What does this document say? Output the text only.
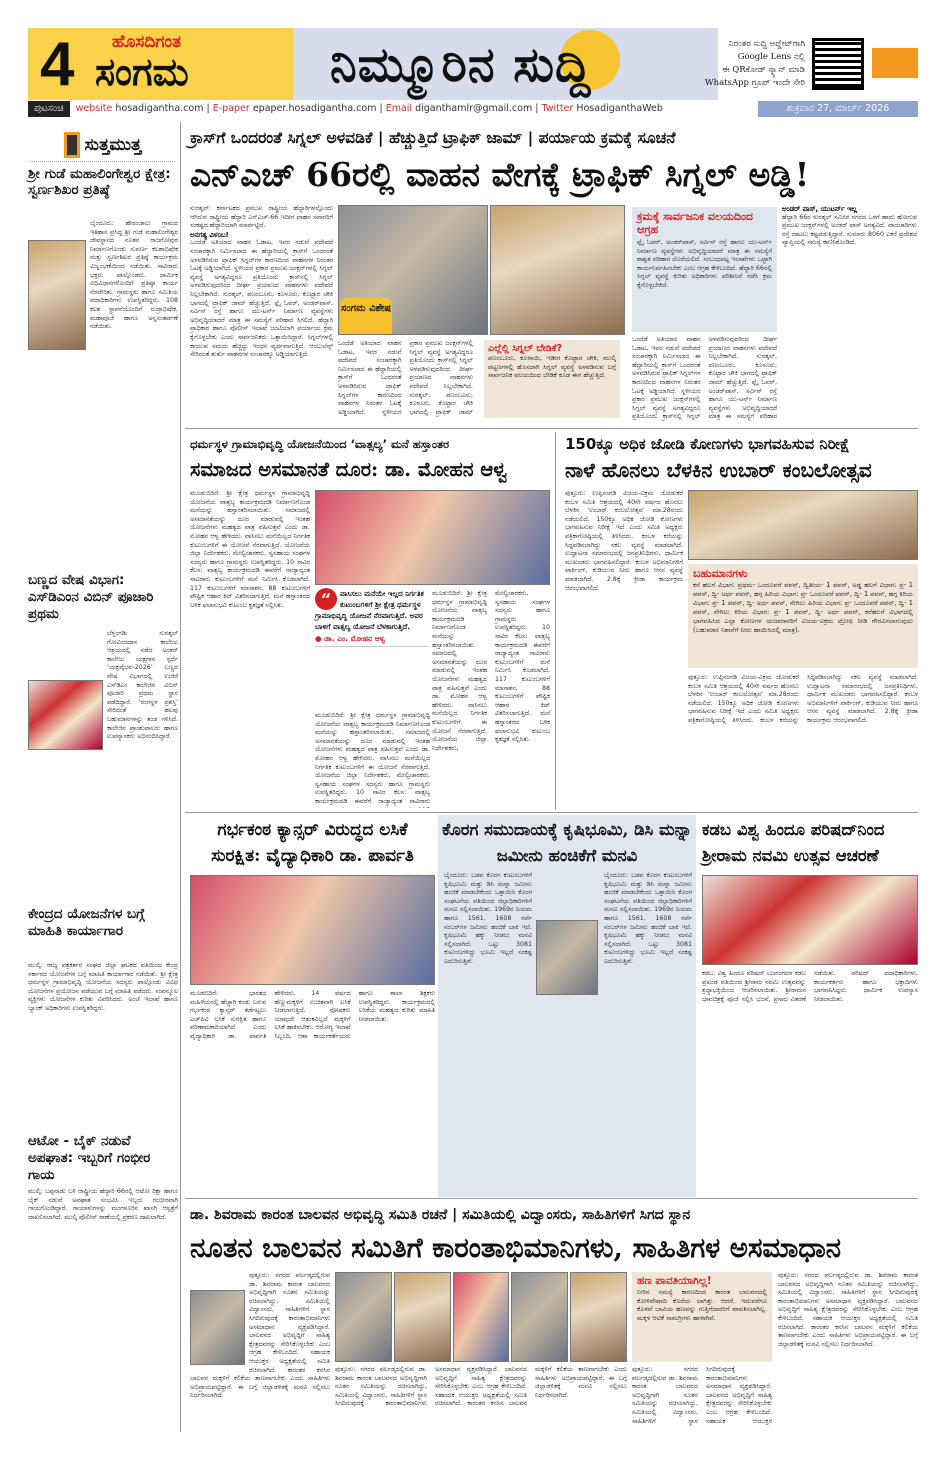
4 ಹೊಸದಿಗಂತ
ಸಂಗಮ	ನಿಮ್ಮೂರಿನ ಸುದ್ದಿ	ನಿರಂತರ ಸುದ್ದಿ ಅಪ್ಡೇಟ್‌ಗಾಗಿ
Google Lens ನಲ್ಲಿ
ಈ QRಕೋಡ್ ಸ್ಕ್ಯಾನ್ ಮಾಡಿ
WhatsApp ಗ್ರೂಪ್ ಇಂದೇ ಸೇರಿ
ಪುಟಸಂಚಿ	website hosadigantha.com | E-paper epaper.hosadigantha.com | Email diganthamlr@gmail.com | Twitter HosadiganthaWeb	ಶುಕ್ರವಾರ 27, ಮಾರ್ಚ್ 2026
ಸುತ್ತಮುತ್ತ
ಶ್ರೀ ಗುಡೆ ಮಹಾಲಿಂಗೇಶ್ವರ ಕ್ಷೇತ್ರ: ಸ್ವರ್ಣಶಿಖರ ಪ್ರತಿಷ್ಠೆ
ಬೈಂದೂರು: ಹೇರಂಜಾಲು ಗ್ರಾಮದ ಇತಿಹಾಸ ಪ್ರಸಿದ್ಧ ಶ್ರೀ ಗುಡೆ ಮಹಾಲಿಂಗೇಶ್ವರ ದೇವಸ್ಥಾನದ ನೂತನ ರಾಜಗೋಪುರ ನಿರ್ಮಾಣಗೊಂಡು ಸುವರ್ಣ ಕಲಶಾಭಿಷೇಕ ಮತ್ತು ಸ್ವರ್ಣಶಿಖರ ಪ್ರತಿಷ್ಠೆ ಕಾರ್ಯಕ್ರಮ ವಿಜೃಂಭಣೆಯಿಂದ ನಡೆಯಿತು. ಸಾವಿರಾರು ಭಕ್ತರು ಪಾಲ್ಗೊಂಡರು. ಧಾರ್ಮಿಕ ವಿಧಿವಿಧಾನಗಳೊಂದಿಗೆ ಪ್ರತಿಷ್ಠಾ ಕಾರ್ಯ ನೆರವೇರಿತು. ಗ್ರಾಮಸ್ಥರು ಹಾಗೂ ಸಮಿತಿಯ ಪದಾಧಿಕಾರಿಗಳು ಉಪಸ್ಥಿತರಿದ್ದರು. 108 ಕಲಶ ಸ್ಥಾಪನೆಯೊಂದಿಗೆ ರುದ್ರಾಭಿಷೇಕ, ಮಹಾಪೂಜೆ ಹಾಗೂ ಅನ್ನಸಂತರ್ಪಣೆ ನಡೆಯಿತು.
ಬಣ್ಣದ ವೇಷ ವಿಭಾಗ: ಎಸ್‌ಡಿಎಂನ ವಿಬಿನ್ ಪೂಜಾರಿ ಪ್ರಥಮ
ಬೆಳ್ತಂಗಡಿ: ಸುರತ್ಕಲ್ ಗೋವಿಂದದಾಸ ಕಾಲೇಜು ಆಶ್ರಯದಲ್ಲಿ ನಡೆದ ಅಂತರ್ ಕಾಲೇಜು ಯಕ್ಷಗಾನ ಸ್ಪರ್ಧೆ ‘ಯಕ್ಷವೈಭವ-2026’ ಬಣ್ಣದ ವೇಷ ವಿಭಾಗದಲ್ಲಿ ಉಜಿರೆ ಎಸ್‌ಡಿಎಂ ಕಾಲೇಜಿನ ವಿಬಿನ್ ಪೂಜಾರಿ ಪ್ರಥಮ ಸ್ಥಾನ ಪಡೆದಿದ್ದಾರೆ. ‘ರಂಗಸ್ಥಳ ಪ್ರಶಸ್ತಿ’ ಸೇರಿದಂತೆ ಹಲವು ಬಹುಮಾನಗಳನ್ನು ತಂಡ ಗಳಿಸಿದೆ. ಕಾಲೇಜಿನ ಪ್ರಾಂಶುಪಾಲರು ಹಾಗೂ ಉಪನ್ಯಾಸಕರು ಅಭಿನಂದಿಸಿದ್ದಾರೆ.
ಕೇಂದ್ರದ ಯೋಜನೆಗಳ ಬಗ್ಗೆ ಮಾಹಿತಿ ಕಾರ್ಯಾಗಾರ
ಮುಲ್ಕಿ: ರಾಜ್ಯ ಪತ್ರಕರ್ತರ ಸಂಘದ ಜಿಲ್ಲಾ ಘಟಕದ ವತಿಯಿಂದ ಕೇಂದ್ರ ಸರ್ಕಾರದ ಯೋಜನೆಗಳ ಬಗ್ಗೆ ಮಾಹಿತಿ ಕಾರ್ಯಾಗಾರ ನಡೆಯಿತು. ಶ್ರೀ ಕ್ಷೇತ್ರ ಧರ್ಮಸ್ಥಳ ಗ್ರಾಮಾಭಿವೃದ್ಧಿ ಯೋಜನೆಯ ಸದಸ್ಯರು ಪಾಲ್ಗೊಂಡು ವಿವಿಧ ಯೋಜನೆಗಳ ಪ್ರಯೋಜನ ಪಡೆಯುವ ಬಗ್ಗೆ ಮಾಹಿತಿ ಪಡೆದರು. ಸಂಪನ್ಮೂಲ ವ್ಯಕ್ತಿಗಳು ಯೋಜನೆಗಳ ಕುರಿತು ವಿವರಿಸಿದರು. ಅಂಚೆ ಇಲಾಖೆ ಹಾಗೂ ಬ್ಯಾಂಕ್ ಅಧಿಕಾರಿಗಳು ಉಪಸ್ಥಿತರಿದ್ದರು.
ಆಟೋ - ಬೈಕ್ ನಡುವೆ ಅಪಘಾತ: ಇಬ್ಬರಿಗೆ ಗಂಭೀರ ಗಾಯ
ಮುಲ್ಕಿ: ಬಪ್ಪನಾಡು ಬಳಿ ರಾಷ್ಟ್ರೀಯ ಹೆದ್ದಾರಿ 66ರಲ್ಲಿ ಆಟೋ ರಿಕ್ಷಾ ಹಾಗೂ ಬೈಕ್ ನಡುವೆ ಅಪಘಾತ ಸಂಭವಿಸಿ ಇಬ್ಬರು ಗಂಭೀರವಾಗಿ ಗಾಯಗೊಂಡಿದ್ದಾರೆ. ಗಾಯಾಳುಗಳನ್ನು ಮಂಗಳೂರಿನ ಖಾಸಗಿ ಆಸ್ಪತ್ರೆಗೆ ದಾಖಲಿಸಲಾಗಿದೆ. ಮುಲ್ಕಿ ಪೊಲೀಸ್ ಠಾಣೆಯಲ್ಲಿ ಪ್ರಕರಣ ದಾಖಲಾಗಿದೆ.
ಕ್ರಾಸ್‌ಗೆ ಒಂದರಂತೆ ಸಿಗ್ನಲ್ ಅಳವಡಿಕೆ | ಹೆಚ್ಚುತ್ತಿದೆ ಟ್ರಾಫಿಕ್ ಜಾಮ್ | ಪರ್ಯಾಯ ಕ್ರಮಕ್ಕೆ ಸೂಚನೆ
ಎನ್‌ಎಚ್ 66ರಲ್ಲಿ ವಾಹನ ವೇಗಕ್ಕೆ ಟ್ರಾಫಿಕ್ ಸಿಗ್ನಲ್ ಅಡ್ಡಿ!
ಸುರತ್ಕಲ್: ಕರ್ನಾಟಕದ ಪ್ರಮುಖ ರಾಷ್ಟ್ರೀಯ ಹೆದ್ದಾರಿಗಳಲ್ಲೊಂದು ಆಗಿರುವ ರಾಷ್ಟ್ರೀಯ ಹೆದ್ದಾರಿ ಎನ್‌ಎಚ್-66 ಇದೀಗ ವಾಹನ ಸವಾರರಿಗೆ ಸಂಕಷ್ಟದ ಹೆದ್ದಾರಿಯಾಗಿ ಮಾರ್ಪಟ್ಟಿದೆ.
ಅನಗತ್ಯ ವಿಳಂಬ!
ಒಂದೆಡೆ ಅತಿಯಾದ ವಾಹನ ಓಡಾಟ, ಇವರ ನಡುವೆ ಪದೇಪದೆ ಸಂಚಾರಕ್ಕಾಗಿ ನಿರ್ಮಿಸಲಾದ ಈ ಹೆದ್ದಾರಿಯಲ್ಲಿ ಕ್ರಾಸ್‌ಗೆ ಒಂದರಂತೆ ಅಳವಡಿಸಿರುವ ಟ್ರಾಫಿಕ್ ಸಿಗ್ನಲ್‌ಗಳ ಕಾರಣದಿಂದ ವಾಹನಗಳ ನಿರಂತರ ಓಟಕ್ಕೆ ಅಡ್ಡಿಯಾಗಿದೆ. ಸ್ಥಳೀಯರ ಪ್ರಕಾರ ಪ್ರಮುಖ ಜಂಕ್ಷನ್‌ಗಳಲ್ಲಿ ಸಿಗ್ನಲ್ ವ್ಯವಸ್ಥೆ ಅಗತ್ಯವಿದ್ದರೂ ಪ್ರತಿಯೊಂದು ಕ್ರಾಸ್‌ನಲ್ಲಿ ಸಿಗ್ನಲ್ ಅಳವಡಿಸುವುದರಿಂದ ದೀರ್ಘ ಪ್ರಯಾಣದ ವಾಹನಗಳು ಪದೇಪದೆ ನಿಲ್ಲಬೇಕಾಗಿದೆ. ಸುರತ್ಕಲ್, ಪಣಂಬೂರು, ಕೂಳೂರು, ಕೊಟ್ಟಾರ ಚೌಕಿ ಭಾಗದಲ್ಲಿ ಟ್ರಾಫಿಕ್ ಜಾಮ್ ಹೆಚ್ಚುತ್ತಿದೆ. ಫ್ಲೈ ಓವರ್, ಅಂಡರ್‌ಪಾಸ್, ಸರ್ವಿಸ್ ರಸ್ತೆ ಹಾಗೂ ಯು-ಟರ್ನ್ ನಿರ್ಮಾಣ ವ್ಯವಸ್ಥೆಗಳು ಅಭಿವೃದ್ಧಿಯಾದರೆ ಮಾತ್ರ ಈ ಸಮಸ್ಯೆಗೆ ಪರಿಹಾರ ಸಿಗಲಿದೆ. ಹೆದ್ದಾರಿ ಪ್ರಾಧಿಕಾರ ಹಾಗೂ ಪೊಲೀಸ್ ಇಲಾಖೆ ಜಂಟಿಯಾಗಿ ಪರ್ಯಾಯ ಕ್ರಮ ಕೈಗೊಳ್ಳಬೇಕು ಎಂದು ಸಾರ್ವಜನಿಕರು ಒತ್ತಾಯಿಸಿದ್ದಾರೆ. ಸಿಗ್ನಲ್‌ಗಳಲ್ಲಿ ಕಾಯುವ ಸಮಯ ಹೆಚ್ಚಿದ್ದು ಇಂಧನ ವ್ಯರ್ಥವಾಗುತ್ತಿದೆ. ಆಂಬುಲೆನ್ಸ್ ಸೇರಿದಂತೆ ತುರ್ತು ವಾಹನಗಳ ಸಂಚಾರಕ್ಕೂ ಅಡ್ಡಿಯಾಗುತ್ತಿದೆ.
ಸಂಗಮ ವಿಶೇಷ
ಒಂದೆಡೆ ಅತಿಯಾದ ವಾಹನ ಓಡಾಟ, ಇವರ ನಡುವೆ ಪದೇಪದೆ ಸಂಚಾರಕ್ಕಾಗಿ ನಿರ್ಮಿಸಲಾದ ಈ ಹೆದ್ದಾರಿಯಲ್ಲಿ ಕ್ರಾಸ್‌ಗೆ ಒಂದರಂತೆ ಅಳವಡಿಸಿರುವ ಟ್ರಾಫಿಕ್ ಸಿಗ್ನಲ್‌ಗಳ ಕಾರಣದಿಂದ ವಾಹನಗಳ ನಿರಂತರ ಓಟಕ್ಕೆ ಅಡ್ಡಿಯಾಗಿದೆ. ಸ್ಥಳೀಯರ ಪ್ರಕಾರ ಪ್ರಮುಖ ಜಂಕ್ಷನ್‌ಗಳಲ್ಲಿ ಸಿಗ್ನಲ್ ವ್ಯವಸ್ಥೆ ಅಗತ್ಯವಿದ್ದರೂ ಪ್ರತಿಯೊಂದು ಕ್ರಾಸ್‌ನಲ್ಲಿ ಸಿಗ್ನಲ್ ಅಳವಡಿಸುವುದರಿಂದ ದೀರ್ಘ ಪ್ರಯಾಣದ ವಾಹನಗಳು ಪದೇಪದೆ ನಿಲ್ಲಬೇಕಾಗಿದೆ. ಸುರತ್ಕಲ್, ಪಣಂಬೂರು, ಕೂಳೂರು, ಕೊಟ್ಟಾರ ಚೌಕಿ ಭಾಗದಲ್ಲಿ ಟ್ರಾಫಿಕ್ ಜಾಮ್
ಎಲ್ಲೆಲ್ಲಿ ಸಿಗ್ನಲ್ ಬೇಡಿಕೆ?
ಪಣಂಬೂರು, ಕೂಳಾಯಿ, ಇಡೀಗ ಕೊಟ್ಟಾರ ಚೌಕಿ, ಮುಲ್ಕಿ ಪಟ್ಟಣಗಳಲ್ಲಿ ಹೊಸದಾಗಿ ಸಿಗ್ನಲ್ ವ್ಯವಸ್ಥೆ ಅಳವಡಿಸುವ ಬಗ್ಗೆ ಸಾರ್ವಜನಿಕ ವಲಯದಿಂದ ಬೇಡಿಕೆ ಕೂಡ ಈಗ ಹೆಚ್ಚುತ್ತಿದೆ.
ಕ್ರಮಕ್ಕೆ ಸಾರ್ವಜನಿಕ ವಲಯದಿಂದ ಆಗ್ರಹ
ಫ್ಲೈ ಓವರ್, ಅಂಡರ್‌ಪಾಸ್, ಸರ್ವಿಸ್ ರಸ್ತೆ ಹಾಗೂ ಯು-ಟರ್ನ್ ನಿರ್ಮಾಣ ವ್ಯವಸ್ಥೆಗಳು ಅಭಿವೃದ್ಧಿಯಾದರೆ ಮಾತ್ರ ಈ ಸಮಸ್ಯೆಗೆ ಶಾಶ್ವತ ಪರಿಹಾರ ದೊರೆಯಲಿದೆ. ಸಂಬಂಧಪಟ್ಟ ಇಲಾಖೆಗಳು ಒಟ್ಟಾಗಿ ಕಾರ್ಯನಿರ್ವಹಿಸಬೇಕು ಎಂಬ ಆಗ್ರಹ ಕೇಳಿಬಂದಿದೆ. ಹೆದ್ದಾರಿ 66ರಲ್ಲಿ ಸಿಗ್ನಲ್ ವ್ಯವಸ್ಥೆ ಕುರಿತು ಅಧಿಕಾರಿಗಳು ಪರಿಶೀಲನೆ ನಡೆಸಿ ಕ್ರಮ ಕೈಗೊಳ್ಳಬೇಕಿದೆ.
ಒಂದೆಡೆ ಅತಿಯಾದ ವಾಹನ ಓಡಾಟ, ಇವರ ನಡುವೆ ಪದೇಪದೆ ಸಂಚಾರಕ್ಕಾಗಿ ನಿರ್ಮಿಸಲಾದ ಈ ಹೆದ್ದಾರಿಯಲ್ಲಿ ಕ್ರಾಸ್‌ಗೆ ಒಂದರಂತೆ ಅಳವಡಿಸಿರುವ ಟ್ರಾಫಿಕ್ ಸಿಗ್ನಲ್‌ಗಳ ಕಾರಣದಿಂದ ವಾಹನಗಳ ನಿರಂತರ ಓಟಕ್ಕೆ ಅಡ್ಡಿಯಾಗಿದೆ. ಸ್ಥಳೀಯರ ಪ್ರಕಾರ ಪ್ರಮುಖ ಜಂಕ್ಷನ್‌ಗಳಲ್ಲಿ ಸಿಗ್ನಲ್ ವ್ಯವಸ್ಥೆ ಅಗತ್ಯವಿದ್ದರೂ ಪ್ರತಿಯೊಂದು ಕ್ರಾಸ್‌ನಲ್ಲಿ ಸಿಗ್ನಲ್ ಅಳವಡಿಸುವುದರಿಂದ ದೀರ್ಘ ಪ್ರಯಾಣದ ವಾಹನಗಳು ಪದೇಪದೆ ನಿಲ್ಲಬೇಕಾಗಿದೆ. ಸುರತ್ಕಲ್, ಪಣಂಬೂರು, ಕೂಳೂರು, ಕೊಟ್ಟಾರ ಚೌಕಿ ಭಾಗದಲ್ಲಿ ಟ್ರಾಫಿಕ್ ಜಾಮ್ ಹೆಚ್ಚುತ್ತಿದೆ. ಫ್ಲೈ ಓವರ್, ಅಂಡರ್‌ಪಾಸ್, ಸರ್ವಿಸ್ ರಸ್ತೆ ಹಾಗೂ ಯು-ಟರ್ನ್ ನಿರ್ಮಾಣ ವ್ಯವಸ್ಥೆಗಳು ಅಭಿವೃದ್ಧಿಯಾದರೆ ಮಾತ್ರ ಈ ಸಮಸ್ಯೆಗೆ ಪರಿಹಾರ
ಅಂಡರ್ ಪಾಸ್, ಯುಟರ್ನ್ ಇಲ್ಲ
ಹೆದ್ದಾರಿ 66ರ ಸುರತ್ಕಲ್ ಸಮೀಪ ನಗರದ ಒಳಗೆ ಹಾದು ಹೋಗುವ ಪ್ರಮುಖ ಜಂಕ್ಷನ್‌ಗಳಲ್ಲಿ ಅಂಡರ್ ಪಾಸ್ ಅಗತ್ಯವಿದೆ. ಪಾದಚಾರಿಗಳು ರಸ್ತೆ ದಾಟಲು ಕಷ್ಟಪಡುತ್ತಿದ್ದಾರೆ. ಸುಮಾರು 8060 ಎಕರೆ ಪ್ರದೇಶದ ವ್ಯಾಪ್ತಿಯಲ್ಲಿ ಸಮಸ್ಯೆ ಕಾಣಿಸಿಕೊಂಡಿದೆ.
ಧರ್ಮಸ್ಥಳ ಗ್ರಾಮಾಭಿವೃದ್ಧಿ ಯೋಜನೆಯಿಂದ ‘ವಾತ್ಸಲ್ಯ’ ಮನೆ ಹಸ್ತಾಂತರ
ಸಮಾಜದ ಅಸಮಾನತೆ ದೂರ: ಡಾ. ಮೋಹನ ಆಳ್ವ
ಮೂಡುಬಿದಿರೆ: ಶ್ರೀ ಕ್ಷೇತ್ರ ಧರ್ಮಸ್ಥಳ ಗ್ರಾಮಾಭಿವೃದ್ಧಿ ಯೋಜನೆಯ ವಾತ್ಸಲ್ಯ ಕಾರ್ಯಕ್ರಮದಡಿ ನಿರ್ಮಾಣಗೊಂಡ ಮನೆಯನ್ನು ಹಸ್ತಾಂತರಿಸಲಾಯಿತು. ಸಮಾಜದಲ್ಲಿ ಅಸಮಾನತೆಯನ್ನು ದೂರ ಮಾಡುವಲ್ಲಿ ಇಂತಹ ಯೋಜನೆಗಳು ಮಹತ್ವದ ಪಾತ್ರ ವಹಿಸುತ್ತವೆ ಎಂದು ಡಾ. ಮೋಹನ ಆಳ್ವ ಹೇಳಿದರು. ವಾಸಿಸಲು ಮನೆಯಿಲ್ಲದ ನಿರ್ಗತಿಕ ಕುಟುಂಬಗಳಿಗೆ ಈ ಯೋಜನೆ ನೆರವಾಗುತ್ತಿದೆ. ಯೋಜನೆಯ ಜಿಲ್ಲಾ ನಿರ್ದೇಶಕರು, ಮೇಲ್ವಿಚಾರಕರು, ಸ್ವಸಹಾಯ ಸಂಘಗಳ ಸದಸ್ಯರು ಹಾಗೂ ಗ್ರಾಮಸ್ಥರು ಉಪಸ್ಥಿತರಿದ್ದರು. 10 ಸಾವಿರ ಕೆಲಸ: ವಾತ್ಸಲ್ಯ ಕಾರ್ಯಕ್ರಮದಡಿ ಈವರೆಗೆ ರಾಜ್ಯಾದ್ಯಂತ ಸಾವಿರಾರು ಕುಟುಂಬಗಳಿಗೆ ಮನೆ ನಿರ್ಮಿಸಿ ಕೊಡಲಾಗಿದೆ. 117 ಕುಟುಂಬಗಳಿಗೆ ಮಾಸಾಶನ, 88 ಕುಟುಂಬಗಳಿಗೆ ಪೌಷ್ಟಿಕ ಆಹಾರ ಕಿಟ್ ವಿತರಿಸಲಾಗುತ್ತಿದೆ. ಮನೆ ಹಸ್ತಾಂತರದ ಬಳಿಕ ಫಲಾನುಭವಿ ಕುಟುಂಬ ಕೃತಜ್ಞತೆ ಸಲ್ಲಿಸಿತು.	“	ವಾಸಿಸಲು ಮನೆಯೇ ಇಲ್ಲದ ನಿರ್ಗತಿಕ ಕುಟುಂಬಗಳಿಗೆ ಶ್ರೀ ಕ್ಷೇತ್ರ ಧರ್ಮಸ್ಥಳ ಗ್ರಾಮಾಭಿವೃದ್ಧಿ ಯೋಜನೆ ನೆರವಾಗುತ್ತಿದೆ. ಅವರ ಬಾಳಿಗೆ ವಾತ್ಸಲ್ಯ ಯೋಜನೆ ಬೆಳಕಾಗುತ್ತಿದೆ.
● ಡಾ. ಎಂ. ಮೋಹನ ಆಳ್ವ
ಮೂಡುಬಿದಿರೆ: ಶ್ರೀ ಕ್ಷೇತ್ರ ಧರ್ಮಸ್ಥಳ ಗ್ರಾಮಾಭಿವೃದ್ಧಿ ಯೋಜನೆಯ ವಾತ್ಸಲ್ಯ ಕಾರ್ಯಕ್ರಮದಡಿ ನಿರ್ಮಾಣಗೊಂಡ ಮನೆಯನ್ನು ಹಸ್ತಾಂತರಿಸಲಾಯಿತು. ಸಮಾಜದಲ್ಲಿ ಅಸಮಾನತೆಯನ್ನು ದೂರ ಮಾಡುವಲ್ಲಿ ಇಂತಹ ಯೋಜನೆಗಳು ಮಹತ್ವದ ಪಾತ್ರ ವಹಿಸುತ್ತವೆ ಎಂದು ಡಾ. ಮೋಹನ ಆಳ್ವ ಹೇಳಿದರು. ವಾಸಿಸಲು ಮನೆಯಿಲ್ಲದ ನಿರ್ಗತಿಕ ಕುಟುಂಬಗಳಿಗೆ ಈ ಯೋಜನೆ ನೆರವಾಗುತ್ತಿದೆ. ಯೋಜನೆಯ ಜಿಲ್ಲಾ ನಿರ್ದೇಶಕರು, ಮೇಲ್ವಿಚಾರಕರು, ಸ್ವಸಹಾಯ ಸಂಘಗಳ ಸದಸ್ಯರು ಹಾಗೂ ಗ್ರಾಮಸ್ಥರು ಉಪಸ್ಥಿತರಿದ್ದರು. 10 ಸಾವಿರ ಕೆಲಸ: ವಾತ್ಸಲ್ಯ ಕಾರ್ಯಕ್ರಮದಡಿ ಈವರೆಗೆ ರಾಜ್ಯಾದ್ಯಂತ ಸಾವಿರಾರು
ಮೂಡುಬಿದಿರೆ: ಶ್ರೀ ಕ್ಷೇತ್ರ ಧರ್ಮಸ್ಥಳ ಗ್ರಾಮಾಭಿವೃದ್ಧಿ ಯೋಜನೆಯ ವಾತ್ಸಲ್ಯ ಕಾರ್ಯಕ್ರಮದಡಿ ನಿರ್ಮಾಣಗೊಂಡ ಮನೆಯನ್ನು ಹಸ್ತಾಂತರಿಸಲಾಯಿತು. ಸಮಾಜದಲ್ಲಿ ಅಸಮಾನತೆಯನ್ನು ದೂರ ಮಾಡುವಲ್ಲಿ ಇಂತಹ ಯೋಜನೆಗಳು ಮಹತ್ವದ ಪಾತ್ರ ವಹಿಸುತ್ತವೆ ಎಂದು ಡಾ. ಮೋಹನ ಆಳ್ವ ಹೇಳಿದರು. ವಾಸಿಸಲು ಮನೆಯಿಲ್ಲದ ನಿರ್ಗತಿಕ ಕುಟುಂಬಗಳಿಗೆ ಈ ಯೋಜನೆ ನೆರವಾಗುತ್ತಿದೆ. ಯೋಜನೆಯ ಜಿಲ್ಲಾ ನಿರ್ದೇಶಕರು, ಮೇಲ್ವಿಚಾರಕರು, ಸ್ವಸಹಾಯ ಸಂಘಗಳ ಸದಸ್ಯರು ಹಾಗೂ ಗ್ರಾಮಸ್ಥರು ಉಪಸ್ಥಿತರಿದ್ದರು. 10 ಸಾವಿರ ಕೆಲಸ: ವಾತ್ಸಲ್ಯ ಕಾರ್ಯಕ್ರಮದಡಿ ಈವರೆಗೆ ರಾಜ್ಯಾದ್ಯಂತ ಸಾವಿರಾರು ಕುಟುಂಬಗಳಿಗೆ ಮನೆ ನಿರ್ಮಿಸಿ ಕೊಡಲಾಗಿದೆ. 117 ಕುಟುಂಬಗಳಿಗೆ ಮಾಸಾಶನ, 88 ಕುಟುಂಬಗಳಿಗೆ ಪೌಷ್ಟಿಕ ಆಹಾರ ಕಿಟ್ ವಿತರಿಸಲಾಗುತ್ತಿದೆ. ಮನೆ ಹಸ್ತಾಂತರದ ಬಳಿಕ ಫಲಾನುಭವಿ ಕುಟುಂಬ ಕೃತಜ್ಞತೆ ಸಲ್ಲಿಸಿತು.
150ಕ್ಕೂ ಅಧಿಕ ಜೋಡಿ ಕೋಣಗಳು ಭಾಗವಹಿಸುವ ನಿರೀಕ್ಷೆ
ನಾಳೆ ಹೊನಲು ಬೆಳಕಿನ ಉಬಾರ್ ಕಂಬಲೋತ್ಸವ
ಪುತ್ತೂರು: ಉಪ್ಪಿನಂಗಡಿ ವಿಜಯ-ವಿಕ್ರಮ ಜೋಡುಕರೆ ಕಂಬಳ ಸಮಿತಿ ಆಶ್ರಯದಲ್ಲಿ 40ನೇ ವರ್ಷದ ಹೊನಲು ಬೆಳಕಿನ ‘ಉಬಾರ್ ಕಂಬಲೋತ್ಸವ’ ಮಾ.28ರಂದು ನಡೆಯಲಿದೆ. 150ಕ್ಕೂ ಅಧಿಕ ಜೋಡಿ ಕೋಣಗಳು ಭಾಗವಹಿಸುವ ನಿರೀಕ್ಷೆ ಇದೆ ಎಂದು ಸಮಿತಿ ಅಧ್ಯಕ್ಷರು ಪತ್ರಿಕಾಗೋಷ್ಠಿಯಲ್ಲಿ ತಿಳಿಸಿದರು. ಕಂಬಳ ಕರೆಯನ್ನು ಸಿದ್ಧಪಡಿಸಲಾಗಿದ್ದು ಸಕಲ ವ್ಯವಸ್ಥೆ ಮಾಡಲಾಗಿದೆ. ಉದ್ಘಾಟನಾ ಸಮಾರಂಭದಲ್ಲಿ ಜನಪ್ರತಿನಿಧಿಗಳು, ಧಾರ್ಮಿಕ ಮುಖಂಡರು ಭಾಗವಹಿಸಲಿದ್ದಾರೆ. ಕಂಬಳ ಅಭಿಮಾನಿಗಳಿಗೆ ಪಾರ್ಕಿಂಗ್, ಕುಡಿಯುವ ನೀರು ಹಾಗೂ ಆಸನ ವ್ಯವಸ್ಥೆ ಮಾಡಲಾಗಿದೆ. 2.8ಕ್ಕೆ ಕ್ರೀಡಾ ಕಾರ್ಯಕ್ರಮ ಆರಂಭವಾಗಲಿದೆ.
ಬಹುಮಾನಗಳು
ಕನೆ ಹಲಗೆ ವಿಭಾಗ: ಪ್ರಥಮ- ಒಂದೂವರೆ ಪವನ್, ದ್ವಿತೀಯ- 1 ಪವನ್, ಅಡ್ಡ ಹಲಗೆ ವಿಭಾಗ: ಪ್ರ- 1 ಪವನ್, ದ್ವಿ- ಅರ್ಧ ಪವನ್, ಹಗ್ಗ ಹಿರಿಯ ವಿಭಾಗ: ಪ್ರ- ಒಂದೂವರೆ ಪವನ್, ದ್ವಿ- 1 ಪವನ್, ಹಗ್ಗ ಕಿರಿಯ ವಿಭಾಗ: ಪ್ರ- 1 ಪವನ್, ದ್ವಿ- ಅರ್ಧ ಪವನ್, ನೇಗಿಲು ಹಿರಿಯ ವಿಭಾಗ: ಪ್ರ- ಒಂದೂವರೆ ಪವನ್, ದ್ವಿ- 1 ಪವನ್, ನೇಗಿಲು ಕಿರಿಯ ವಿಭಾಗ: ಪ್ರ- 1 ಪವನ್, ದ್ವಿ- ಅರ್ಧ ಪವನ್, ಕನೆಹಲಗೆ ವಿಭಾಗದಲ್ಲಿ ಭಾಗವಹಿಸಿದ ಎಲ್ಲಾ ಕೋಣಗಳ ಯಜಮಾನರಿಗೆ ವಿಜಯ-ವಿಕ್ರಮ ಟ್ರೋಫಿ ನೀಡಿ ಗೌರವಿಸಲಾಗುವುದು (ಬಹುಮಾನ ನಿಶಾನೆಗೆ ನೀರು ಹಾಯಿಸಿದಲ್ಲಿ ಮಾತ್ರ).
ಪುತ್ತೂರು: ಉಪ್ಪಿನಂಗಡಿ ವಿಜಯ-ವಿಕ್ರಮ ಜೋಡುಕರೆ ಕಂಬಳ ಸಮಿತಿ ಆಶ್ರಯದಲ್ಲಿ 40ನೇ ವರ್ಷದ ಹೊನಲು ಬೆಳಕಿನ ‘ಉಬಾರ್ ಕಂಬಲೋತ್ಸವ’ ಮಾ.28ರಂದು ನಡೆಯಲಿದೆ. 150ಕ್ಕೂ ಅಧಿಕ ಜೋಡಿ ಕೋಣಗಳು ಭಾಗವಹಿಸುವ ನಿರೀಕ್ಷೆ ಇದೆ ಎಂದು ಸಮಿತಿ ಅಧ್ಯಕ್ಷರು ಪತ್ರಿಕಾಗೋಷ್ಠಿಯಲ್ಲಿ ತಿಳಿಸಿದರು. ಕಂಬಳ ಕರೆಯನ್ನು ಸಿದ್ಧಪಡಿಸಲಾಗಿದ್ದು ಸಕಲ ವ್ಯವಸ್ಥೆ ಮಾಡಲಾಗಿದೆ. ಉದ್ಘಾಟನಾ ಸಮಾರಂಭದಲ್ಲಿ ಜನಪ್ರತಿನಿಧಿಗಳು, ಧಾರ್ಮಿಕ ಮುಖಂಡರು ಭಾಗವಹಿಸಲಿದ್ದಾರೆ. ಕಂಬಳ ಅಭಿಮಾನಿಗಳಿಗೆ ಪಾರ್ಕಿಂಗ್, ಕುಡಿಯುವ ನೀರು ಹಾಗೂ ಆಸನ ವ್ಯವಸ್ಥೆ ಮಾಡಲಾಗಿದೆ. 2.8ಕ್ಕೆ ಕ್ರೀಡಾ ಕಾರ್ಯಕ್ರಮ ಆರಂಭವಾಗಲಿದೆ.
ಗರ್ಭಕಂಠ ಕ್ಯಾನ್ಸರ್ ವಿರುದ್ಧದ ಲಸಿಕೆ ಸುರಕ್ಷಿತ: ವೈದ್ಯಾಧಿಕಾರಿ ಡಾ. ಪಾರ್ವತಿ
ಮೂಡಬಿದಿರೆ: ಭಾರತದ ಮಹಿಳೆಯರಲ್ಲಿ ಹೆಚ್ಚಾಗಿ ಕಂಡು ಬರುವ ಗರ್ಭಕಂಠ ಕ್ಯಾನ್ಸರ್ ತಡೆಗಟ್ಟಲು ಎಚ್‌ಪಿವಿ ಲಸಿಕೆ ಸುರಕ್ಷಿತ ಹಾಗೂ ಪರಿಣಾಮಕಾರಿಯಾಗಿದೆ ಎಂದು ವೈದ್ಯಾಧಿಕಾರಿ ಡಾ. ಪಾರ್ವತಿ ಹೇಳಿದರು. 14 ವರ್ಷದ ಹೆಣ್ಣುಮಕ್ಕಳಿಗೆ ಉಚಿತವಾಗಿ ಲಸಿಕೆ ನೀಡಲಾಗುತ್ತಿದೆ. ಪೋಷಕರು ಯಾವುದೇ ಆತಂಕವಿಲ್ಲದೆ ಮಕ್ಕಳಿಗೆ ಲಸಿಕೆ ಹಾಕಿಸಬೇಕು. ಆರೋಗ್ಯ ಇಲಾಖೆ ಸಿಬ್ಬಂದಿ, ಆಶಾ ಕಾರ್ಯಕರ್ತೆಯರು ಹಾಗೂ ಶಾಲಾ ಶಿಕ್ಷಕರು ಉಪಸ್ಥಿತರಿದ್ದರು. ಕಾರ್ಯಕ್ರಮದಲ್ಲಿ ಲಸಿಕೆಯ ಮಹತ್ವದ ಕುರಿತು ಮಾಹಿತಿ ನೀಡಲಾಯಿತು.
ಕೊರಗ ಸಮುದಾಯಕ್ಕೆ ಕೃಷಿಭೂಮಿ, ಡಿಸಿ ಮನ್ನಾ ಜಮೀನು ಹಂಚಿಕೆಗೆ ಮನವಿ
ಬೈಂದೂರು: ಬಡವ ಕೊರಗ ಕುಟುಂಬಗಳಿಗೆ ಕೃಷಿಭೂಮಿ ಮತ್ತು ಡಿಸಿ ಮನ್ನಾ ಜಮೀನು ಹಂಚಿಕೆ ಮಾಡಬೇಕೆಂದು ಒತ್ತಾಯಿಸಿ ಕೊರಗ ಸಂಘಟನೆಯ ವತಿಯಿಂದ ಜಿಲ್ಲಾಧಿಕಾರಿಗಳಿಗೆ ಮನವಿ ಸಲ್ಲಿಸಲಾಯಿತು. 1969ರ ನಿಯಮ ಹಾಗೂ 1561, 1608 ಸರ್ವೆ ನಂಬರ್‌ಗಳ ಜಮೀನು ಹಂಚಿಕೆ ಬಾಕಿ ಇದೆ. ಕೃಷಿಭೂಮಿ ಹಕ್ಕು ನೀಡಲು ಮನವಿ ಸಲ್ಲಿಸಲಾಗಿದೆ. ಒಟ್ಟು 3081 ಕುಟುಂಬಗಳಿದ್ದು ಭೂಮಿ ಇಲ್ಲದೆ ಸಂಕಷ್ಟ ಎದುರಿಸುತ್ತಿವೆ.
ಬೈಂದೂರು: ಬಡವ ಕೊರಗ ಕುಟುಂಬಗಳಿಗೆ ಕೃಷಿಭೂಮಿ ಮತ್ತು ಡಿಸಿ ಮನ್ನಾ ಜಮೀನು ಹಂಚಿಕೆ ಮಾಡಬೇಕೆಂದು ಒತ್ತಾಯಿಸಿ ಕೊರಗ ಸಂಘಟನೆಯ ವತಿಯಿಂದ ಜಿಲ್ಲಾಧಿಕಾರಿಗಳಿಗೆ ಮನವಿ ಸಲ್ಲಿಸಲಾಯಿತು. 1969ರ ನಿಯಮ ಹಾಗೂ 1561, 1608 ಸರ್ವೆ ನಂಬರ್‌ಗಳ ಜಮೀನು ಹಂಚಿಕೆ ಬಾಕಿ ಇದೆ. ಕೃಷಿಭೂಮಿ ಹಕ್ಕು ನೀಡಲು ಮನವಿ ಸಲ್ಲಿಸಲಾಗಿದೆ. ಒಟ್ಟು 3081 ಕುಟುಂಬಗಳಿದ್ದು ಭೂಮಿ ಇಲ್ಲದೆ ಸಂಕಷ್ಟ ಎದುರಿಸುತ್ತಿವೆ.
ಕಡಬ ವಿಶ್ವ ಹಿಂದೂ ಪರಿಷದ್‌ನಿಂದ ಶ್ರೀರಾಮ ನವಮಿ ಉತ್ಸವ ಆಚರಣೆ
ಕಡಬ: ವಿಶ್ವ ಹಿಂದೂ ಪರಿಷದ್ ಬಜರಂಗದಳ ಕಡಬ ಪ್ರಖಂಡ ವತಿಯಿಂದ ಶ್ರೀರಾಮ ನವಮಿ ಉತ್ಸವವನ್ನು ಶ್ರದ್ಧಾಭಕ್ತಿಯಿಂದ ಆಚರಿಸಲಾಯಿತು. ಶ್ರೀರಾಮನ ಭಾವಚಿತ್ರಕ್ಕೆ ಪೂಜೆ ಸಲ್ಲಿಸಿ ಭಜನೆ, ಪ್ರಸಾದ ವಿತರಣೆ ನಡೆಯಿತು. ಪರಿಷದ್ ಪದಾಧಿಕಾರಿಗಳು, ಕಾರ್ಯಕರ್ತರು ಹಾಗೂ ಭಕ್ತಾದಿಗಳು ಭಾಗವಹಿಸಿದ್ದರು. ಧಾರ್ಮಿಕ ಉಪನ್ಯಾಸ ನೀಡಲಾಯಿತು.
ಡಾ. ಶಿವರಾಮ ಕಾರಂತ ಬಾಲವನ ಅಭಿವೃದ್ಧಿ ಸಮಿತಿ ರಚನೆ | ಸಮಿತಿಯಲ್ಲಿ ವಿದ್ವಾಂಸರು, ಸಾಹಿತಿಗಳಿಗೆ ಸಿಗದ ಸ್ಥಾನ
ನೂತನ ಬಾಲವನ ಸಮಿತಿಗೆ ಕಾರಂತಾಭಿಮಾನಿಗಳು, ಸಾಹಿತಿಗಳ ಅಸಮಾಧಾನ
ಪುತ್ತೂರು: ನಗರದ ಪರ್ಲಡ್ಕದಲ್ಲಿರುವ ಡಾ. ಶಿವರಾಮ ಕಾರಂತ ಬಾಲವನದ ಅಭಿವೃದ್ಧಿಗಾಗಿ ನೂತನ ಸಮಿತಿಯನ್ನು ರಚಿಸಲಾಗಿದ್ದು, ಸಮಿತಿಯಲ್ಲಿ ವಿದ್ವಾಂಸರು, ಸಾಹಿತಿಗಳಿಗೆ ಸ್ಥಾನ ಸಿಗದಿರುವುದಕ್ಕೆ ಕಾರಂತಾಭಿಮಾನಿಗಳು ಅಸಮಾಧಾನ ವ್ಯಕ್ತಪಡಿಸಿದ್ದಾರೆ. ಬಾಲವನದ ಅಭಿವೃದ್ಧಿಗೆ ಸಾಹಿತ್ಯ ಕ್ಷೇತ್ರದವರನ್ನು ಸೇರಿಸಿಕೊಳ್ಳಬೇಕು ಎಂಬ ಆಗ್ರಹ ಕೇಳಿಬಂದಿದೆ. ಸಹಾಯಕ ಆಯುಕ್ತರ ಅಧ್ಯಕ್ಷತೆಯಲ್ಲಿ ಸಮಿತಿ ರಚಿಸಲಾಗಿದೆ. ಕಾರಂತರ ಕನಸಿನ ಬಾಲವನ ಮಕ್ಕಳಿಗೆ ಕಲಿಕೆಯ ತಾಣವಾಗಬೇಕು ಎಂದು ಸಾಹಿತಿಗಳು ಅಭಿಪ್ರಾಯಪಟ್ಟಿದ್ದಾರೆ. ಈ ಬಗ್ಗೆ ಜಿಲ್ಲಾಡಳಿತಕ್ಕೆ ಮನವಿ ಸಲ್ಲಿಸಲು ನಿರ್ಧರಿಸಲಾಗಿದೆ.
ಪುತ್ತೂರು: ನಗರದ ಪರ್ಲಡ್ಕದಲ್ಲಿರುವ ಡಾ. ಶಿವರಾಮ ಕಾರಂತ ಬಾಲವನದ ಅಭಿವೃದ್ಧಿಗಾಗಿ ನೂತನ ಸಮಿತಿಯನ್ನು ರಚಿಸಲಾಗಿದ್ದು, ಸಮಿತಿಯಲ್ಲಿ ವಿದ್ವಾಂಸರು, ಸಾಹಿತಿಗಳಿಗೆ ಸ್ಥಾನ ಸಿಗದಿರುವುದಕ್ಕೆ ಕಾರಂತಾಭಿಮಾನಿಗಳು ಅಸಮಾಧಾನ ವ್ಯಕ್ತಪಡಿಸಿದ್ದಾರೆ. ಬಾಲವನದ ಅಭಿವೃದ್ಧಿಗೆ ಸಾಹಿತ್ಯ ಕ್ಷೇತ್ರದವರನ್ನು ಸೇರಿಸಿಕೊಳ್ಳಬೇಕು ಎಂಬ ಆಗ್ರಹ ಕೇಳಿಬಂದಿದೆ. ಸಹಾಯಕ ಆಯುಕ್ತರ ಅಧ್ಯಕ್ಷತೆಯಲ್ಲಿ ಸಮಿತಿ ರಚಿಸಲಾಗಿದೆ. ಕಾರಂತರ ಕನಸಿನ ಬಾಲವನ ಮಕ್ಕಳಿಗೆ ಕಲಿಕೆಯ ತಾಣವಾಗಬೇಕು ಎಂದು ಸಾಹಿತಿಗಳು ಅಭಿಪ್ರಾಯಪಟ್ಟಿದ್ದಾರೆ. ಈ ಬಗ್ಗೆ ಜಿಲ್ಲಾಡಳಿತಕ್ಕೆ ಮನವಿ ಸಲ್ಲಿಸಲು ನಿರ್ಧರಿಸಲಾಗಿದೆ.
ಹಣ ಪಾವತಿಯಾಗಿಲ್ಲ!
ನೀರಿನ ಸಮಸ್ಯೆ ಕಾರಣದಿಂದ ಕಾರಂತ ಬಾಲವನದಲ್ಲಿ ಕೋಳಿವೇಷಾದಿ ಕೊರೆಯ ಲಾಗಿತ್ತು. ಆದರೆ, ಇದುವರೆಗೂ ಕೊಳವೆ ಬಾವಿಯ ಹಣವನ್ನು ಗುತ್ತಿಗೆದಾರರಿಗೆ ಪಾವತಿಸಲಾಗಿಲ್ಲ. ಮಕ್ಕಳ ಆಟಿಕೆ ಸಾಮಗ್ರಿಗಳು ಹಾಳಾಗಿವೆ.
ಪುತ್ತೂರು: ನಗರದ ಪರ್ಲಡ್ಕದಲ್ಲಿರುವ ಡಾ. ಶಿವರಾಮ ಕಾರಂತ ಬಾಲವನದ ಅಭಿವೃದ್ಧಿಗಾಗಿ ನೂತನ ಸಮಿತಿಯನ್ನು ರಚಿಸಲಾಗಿದ್ದು, ಸಮಿತಿಯಲ್ಲಿ ವಿದ್ವಾಂಸರು, ಸಾಹಿತಿಗಳಿಗೆ ಸ್ಥಾನ ಸಿಗದಿರುವುದಕ್ಕೆ ಕಾರಂತಾಭಿಮಾನಿಗಳು ಅಸಮಾಧಾನ ವ್ಯಕ್ತಪಡಿಸಿದ್ದಾರೆ. ಬಾಲವನದ ಅಭಿವೃದ್ಧಿಗೆ ಸಾಹಿತ್ಯ ಕ್ಷೇತ್ರದವರನ್ನು ಸೇರಿಸಿಕೊಳ್ಳಬೇಕು ಎಂಬ ಆಗ್ರಹ ಕೇಳಿಬಂದಿದೆ. ಸಹಾಯಕ ಆಯುಕ್ತರ
ಪುತ್ತೂರು: ನಗರದ ಪರ್ಲಡ್ಕದಲ್ಲಿರುವ ಡಾ. ಶಿವರಾಮ ಕಾರಂತ ಬಾಲವನದ ಅಭಿವೃದ್ಧಿಗಾಗಿ ನೂತನ ಸಮಿತಿಯನ್ನು ರಚಿಸಲಾಗಿದ್ದು, ಸಮಿತಿಯಲ್ಲಿ ವಿದ್ವಾಂಸರು, ಸಾಹಿತಿಗಳಿಗೆ ಸ್ಥಾನ ಸಿಗದಿರುವುದಕ್ಕೆ ಕಾರಂತಾಭಿಮಾನಿಗಳು ಅಸಮಾಧಾನ ವ್ಯಕ್ತಪಡಿಸಿದ್ದಾರೆ. ಬಾಲವನದ ಅಭಿವೃದ್ಧಿಗೆ ಸಾಹಿತ್ಯ ಕ್ಷೇತ್ರದವರನ್ನು ಸೇರಿಸಿಕೊಳ್ಳಬೇಕು ಎಂಬ ಆಗ್ರಹ ಕೇಳಿಬಂದಿದೆ. ಸಹಾಯಕ ಆಯುಕ್ತರ ಅಧ್ಯಕ್ಷತೆಯಲ್ಲಿ ಸಮಿತಿ ರಚಿಸಲಾಗಿದೆ. ಕಾರಂತರ ಕನಸಿನ ಬಾಲವನ ಮಕ್ಕಳಿಗೆ ಕಲಿಕೆಯ ತಾಣವಾಗಬೇಕು ಎಂದು ಸಾಹಿತಿಗಳು ಅಭಿಪ್ರಾಯಪಟ್ಟಿದ್ದಾರೆ. ಈ ಬಗ್ಗೆ ಜಿಲ್ಲಾಡಳಿತಕ್ಕೆ ಮನವಿ ಸಲ್ಲಿಸಲು ನಿರ್ಧರಿಸಲಾಗಿದೆ.
